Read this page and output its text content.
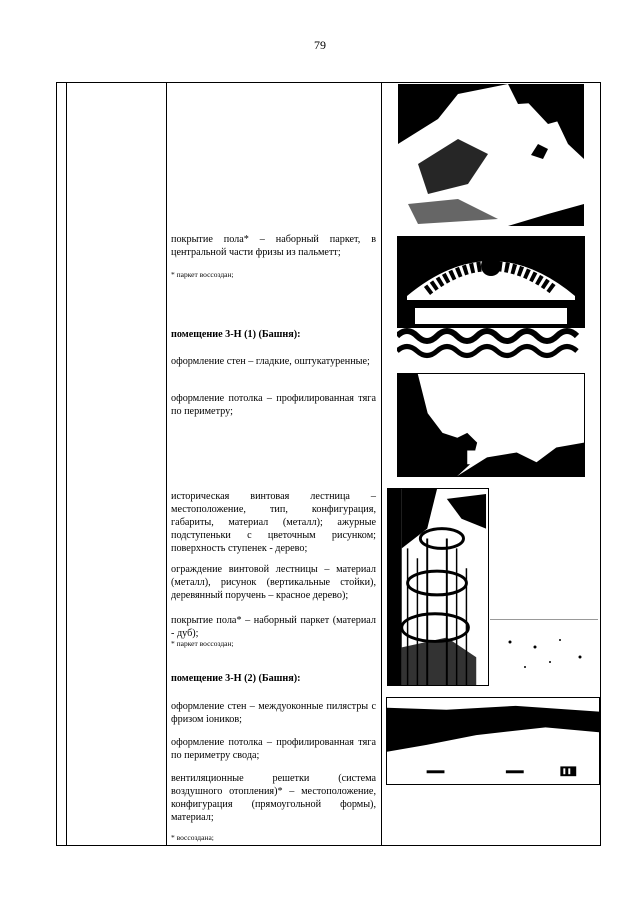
79
покрытие пола* – наборный паркет, в центральной части фризы из пальметт;
* паркет воссоздан;
помещение 3-Н (1) (Башня):
оформление стен – гладкие, оштукатуренные;
оформление потолка – профилированная тяга по периметру;
историческая винтовая лестница – местоположение, тип, конфигурация, габариты, материал (металл); ажурные подступеньки с цветочным рисунком; поверхность ступенек - дерево;
ограждение винтовой лестницы – материал (металл), рисунок (вертикальные стойки), деревянный поручень – красное дерево);
покрытие пола* – наборный паркет (материал - дуб);
* паркет воссоздан;
помещение 3-Н (2) (Башня):
оформление стен – междуоконные пилястры с фризом ioников;
оформление потолка – профилированная тяга по периметру свода;
вентиляционные решетки (система воздушного отопления)* – местоположение, конфигурация (прямоугольной формы), материал;
* воссоздана;
